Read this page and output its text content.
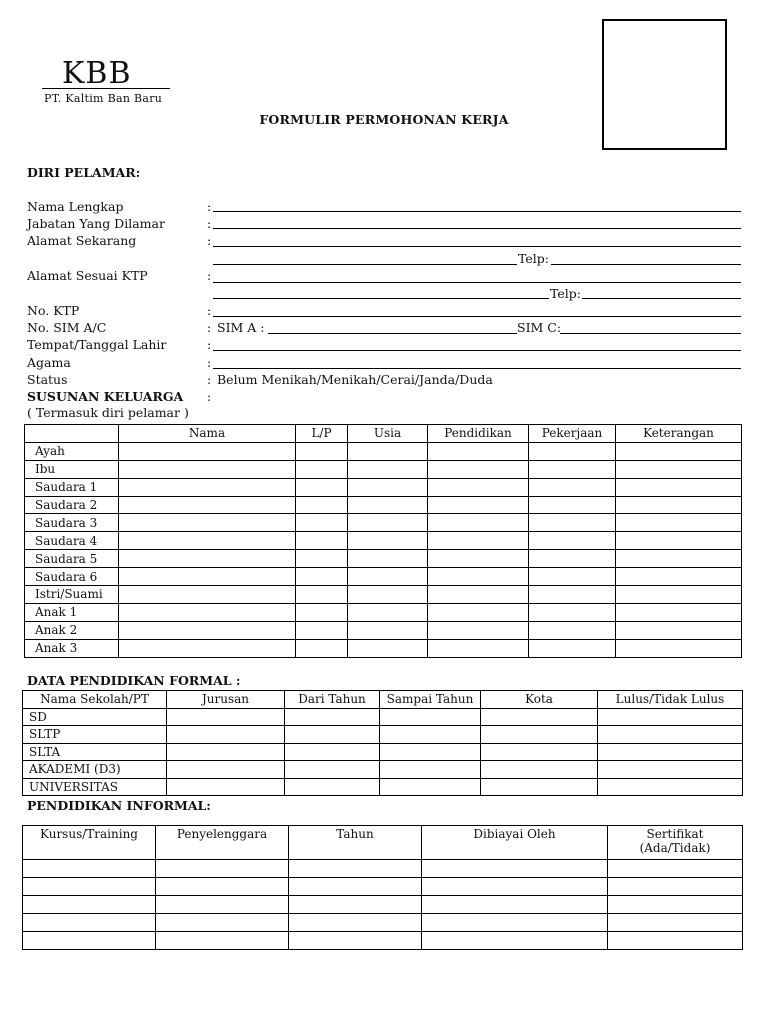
KBB
PT. Kaltim Ban Baru
FORMULIR PERMOHONAN KERJA
DIRI PELAMAR:
Nama Lengkap	:
Jabatan Yang Dilamar	:
Alamat Sekarang	:
Telp:
Alamat Sesuai KTP	:
Telp:
No. KTP	:
No. SIM A/C	: SIM A :	SIM C:
Tempat/Tanggal Lahir	:
Agama	:
Status	: Belum Menikah/Menikah/Cerai/Janda/Duda
SUSUNAN KELUARGA :
( Termasuk diri pelamar )
	Nama	L/P	Usia	Pendidikan	Pekerjaan	Keterangan
Ayah						
Ibu						
Saudara 1						
Saudara 2						
Saudara 3						
Saudara 4						
Saudara 5						
Saudara 6						
Istri/Suami						
Anak 1						
Anak 2						
Anak 3						
DATA PENDIDIKAN FORMAL :
Nama Sekolah/PT	Jurusan	Dari Tahun	Sampai Tahun	Kota	Lulus/Tidak Lulus
SD					
SLTP					
SLTA					
AKADEMI (D3)					
UNIVERSITAS					
PENDIDIKAN INFORMAL:
Kursus/Training	Penyelenggara	Tahun	Dibiayai Oleh	Sertifikat (Ada/Tidak)
